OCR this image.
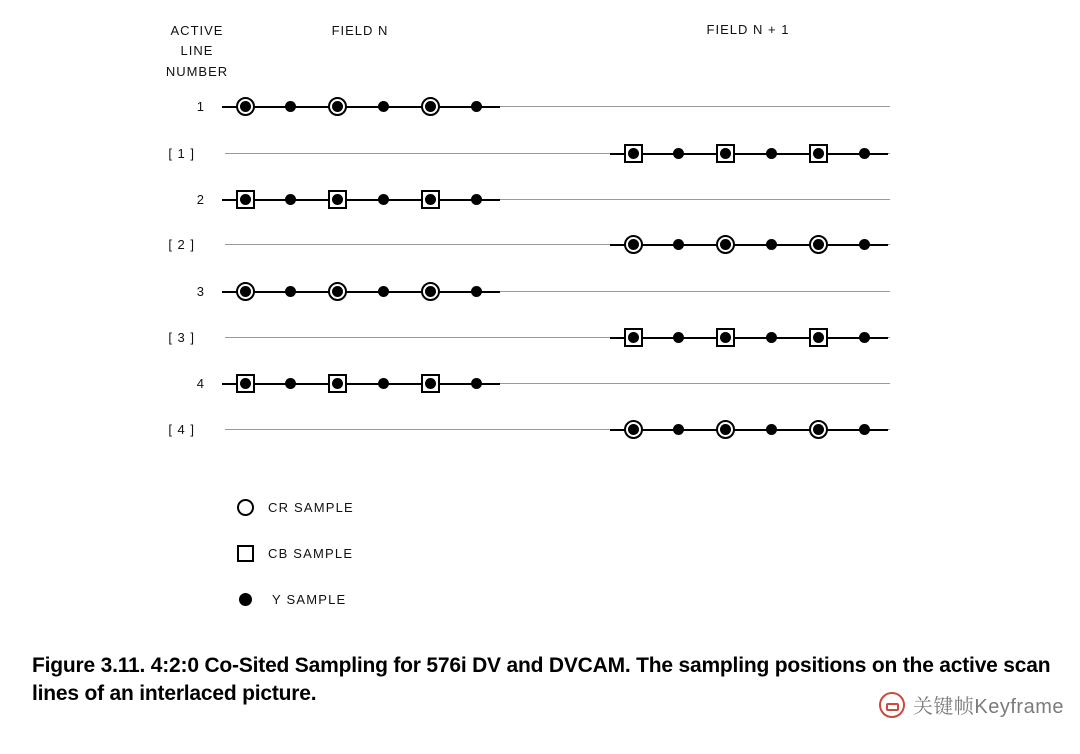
ACTIVE
LINE
NUMBER
FIELD N	FIELD N + 1
1
[ 1 ]
2
[ 2 ]
3
[ 3 ]
4
[ 4 ]
CR SAMPLE
CB SAMPLE
Y SAMPLE
Figure 3.11. 4:2:0 Co-Sited Sampling for 576i DV and DVCAM. The sampling positions on the active scan lines of an interlaced picture.
关键帧Keyframe
